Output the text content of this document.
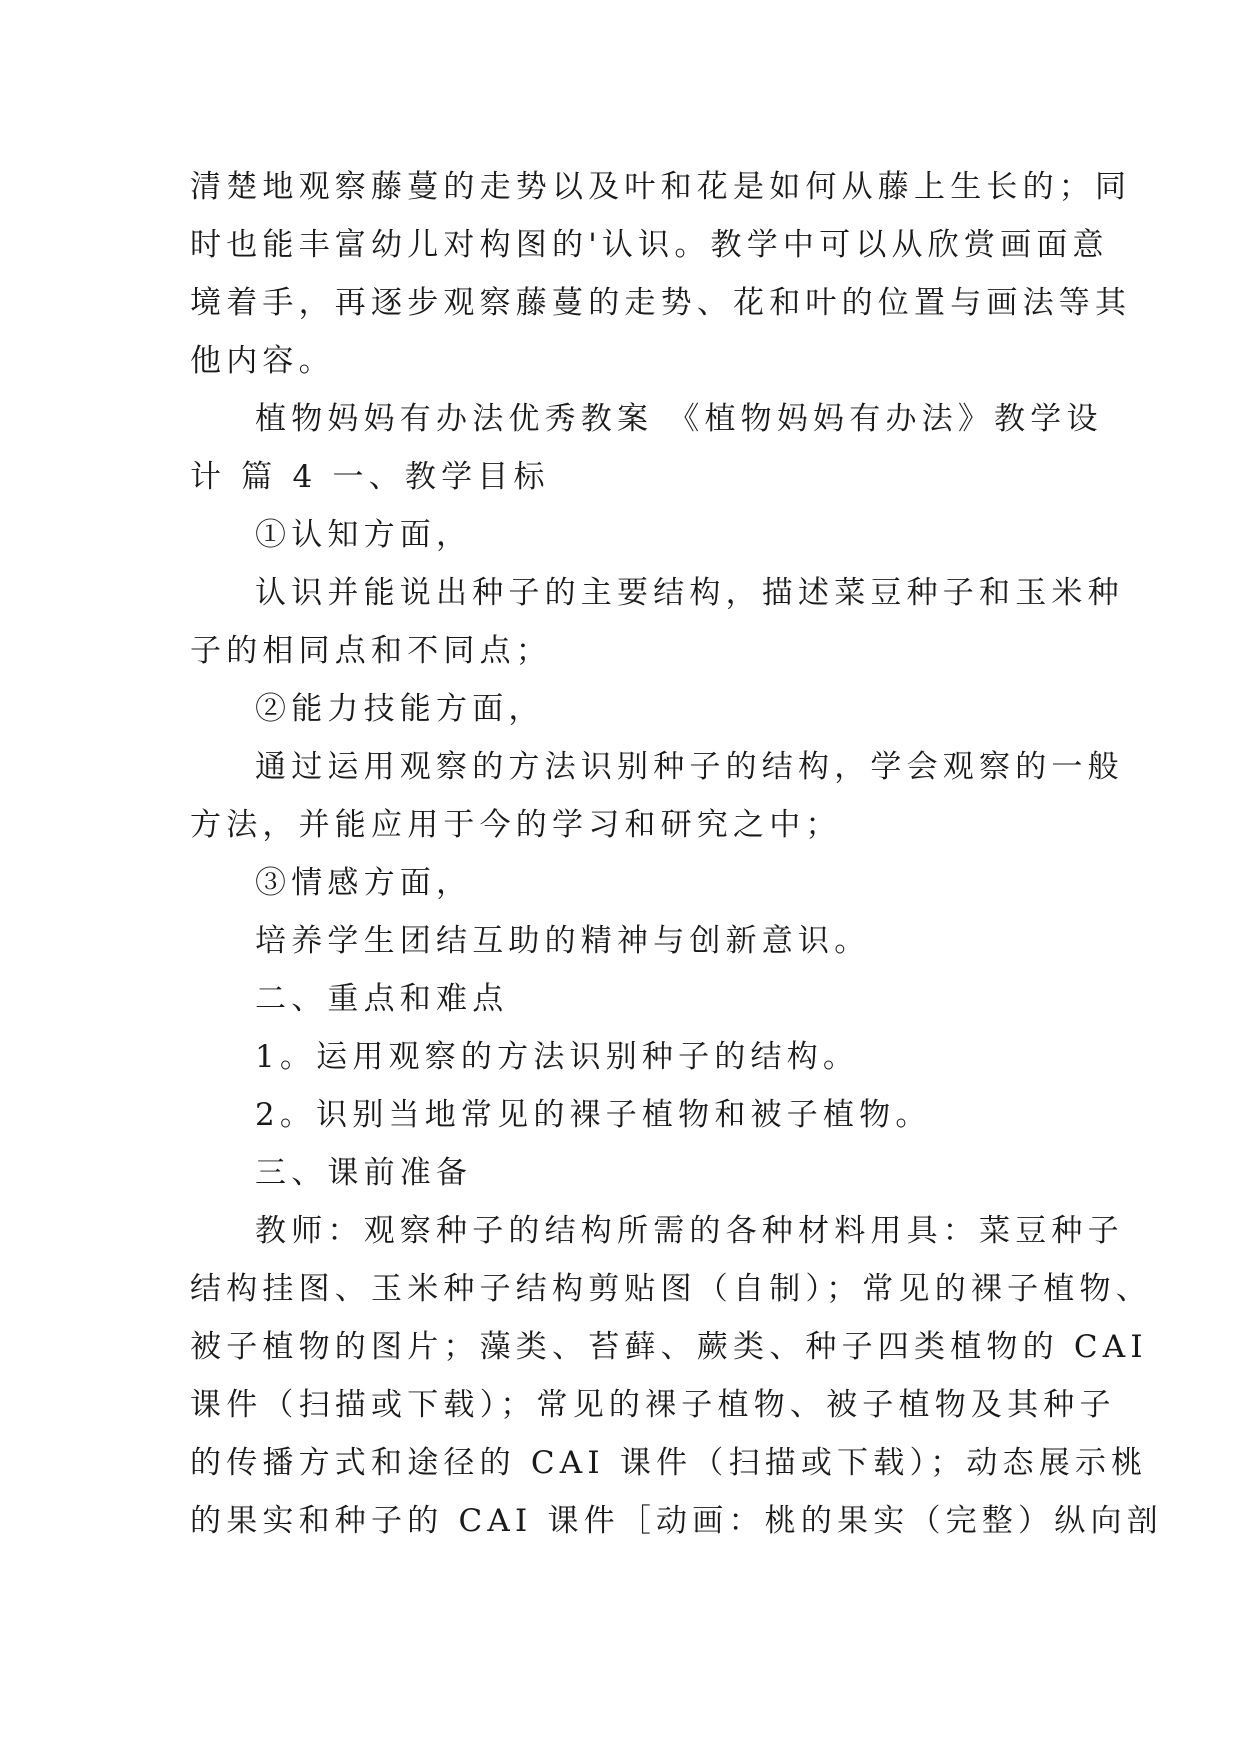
清楚地观察藤蔓的走势以及叶和花是如何从藤上生长的；同
时也能丰富幼儿对构图的'认识。教学中可以从欣赏画面意
境着手，再逐步观察藤蔓的走势、花和叶的位置与画法等其
他内容。
植物妈妈有办法优秀教案 《植物妈妈有办法》教学设
计 篇 4 一、教学目标
①认知方面，
认识并能说出种子的主要结构，描述菜豆种子和玉米种
子的相同点和不同点；
②能力技能方面，
通过运用观察的方法识别种子的结构，学会观察的一般
方法，并能应用于今的学习和研究之中；
③情感方面，
培养学生团结互助的精神与创新意识。
二、重点和难点
1。运用观察的方法识别种子的结构。
2。识别当地常见的裸子植物和被子植物。
三、课前准备
教师：观察种子的结构所需的各种材料用具：菜豆种子
结构挂图、玉米种子结构剪贴图（自制）；常见的裸子植物、
被子植物的图片；藻类、苔藓、蕨类、种子四类植物的 CAI
课件（扫描或下载）；常见的裸子植物、被子植物及其种子
的传播方式和途径的 CAI 课件（扫描或下载）；动态展示桃
的果实和种子的 CAI 课件［动画：桃的果实（完整）纵向剖
